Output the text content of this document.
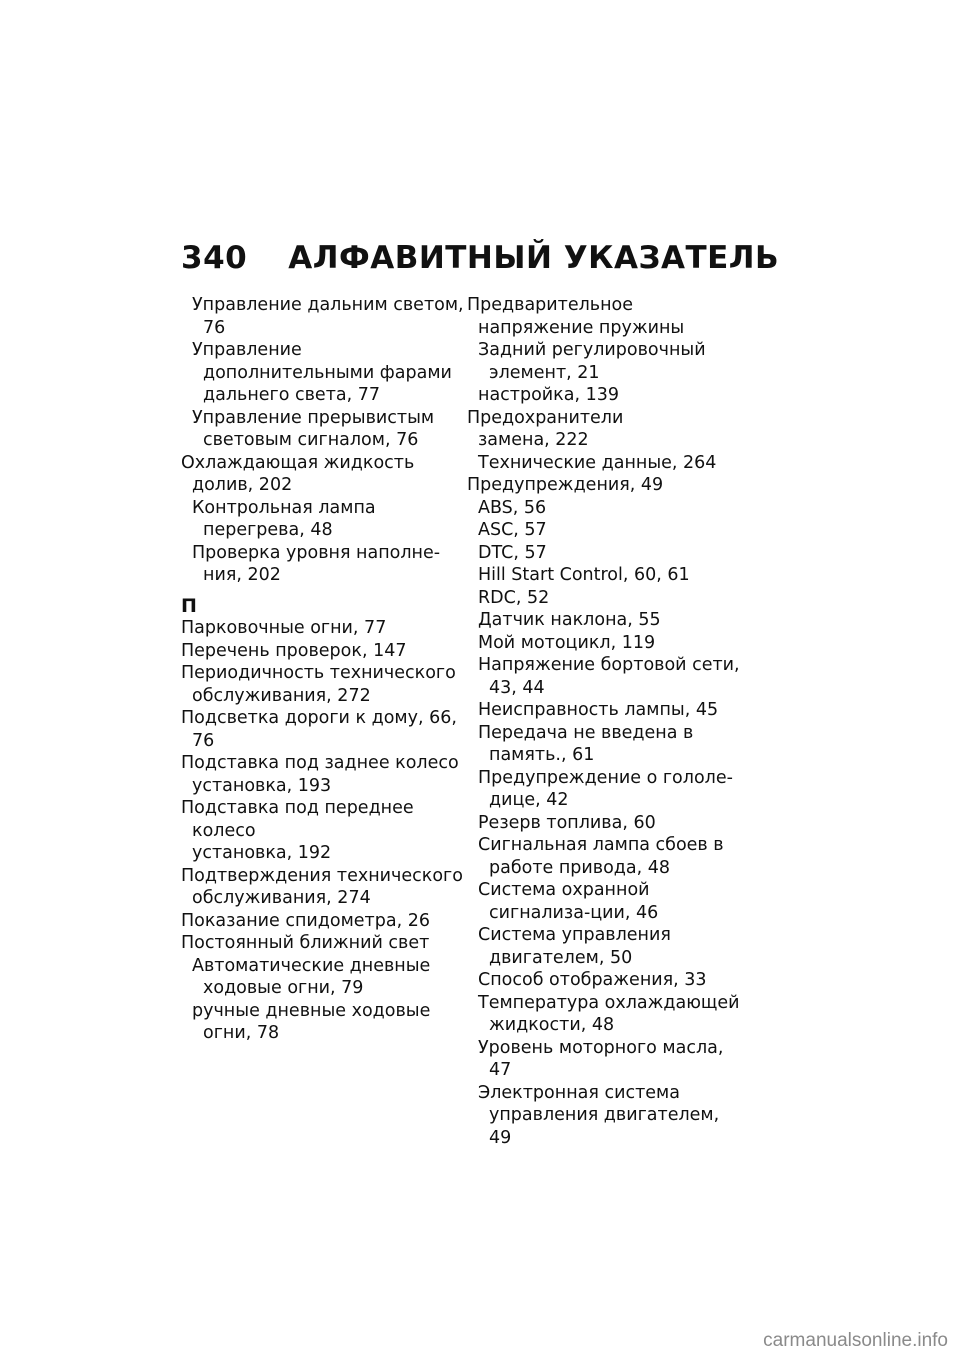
340 АЛФАВИТНЫЙ УКАЗАТЕЛЬ
Управление дальним светом, 76
Управление дополнительными фарами дальнего света, 77
Управление прерывистым световым сигналом, 76
Охлаждающая жидкость
долив, 202
Контрольная лампа перегрева, 48
Проверка уровня наполне-ния, 202
П
Парковочные огни, 77
Перечень проверок, 147
Периодичность технического обслуживания, 272
Подсветка дороги к дому, 66, 76
Подставка под заднее колесо
установка, 193
Подставка под переднее колесо
установка, 192
Подтверждения технического обслуживания, 274
Показание спидометра, 26
Постоянный ближний свет
Автоматические дневные ходовые огни, 79
ручные дневные ходовые огни, 78
Предварительное напряжение пружины
Задний регулировочный элемент, 21
настройка, 139
Предохранители
замена, 222
Технические данные, 264
Предупреждения, 49
ABS, 56
ASC, 57
DTC, 57
Hill Start Control, 60, 61
RDC, 52
Датчик наклона, 55
Мой мотоцикл, 119
Напряжение бортовой сети, 43, 44
Неисправность лампы, 45
Передача не введена в память., 61
Предупреждение о гололе-дице, 42
Резерв топлива, 60
Сигнальная лампа сбоев в работе привода, 48
Система охранной сигнализа-ции, 46
Система управления двигателем, 50
Способ отображения, 33
Температура охлаждающей жидкости, 48
Уровень моторного масла, 47
Электронная система управления двигателем, 49
carmanualsonline.info
